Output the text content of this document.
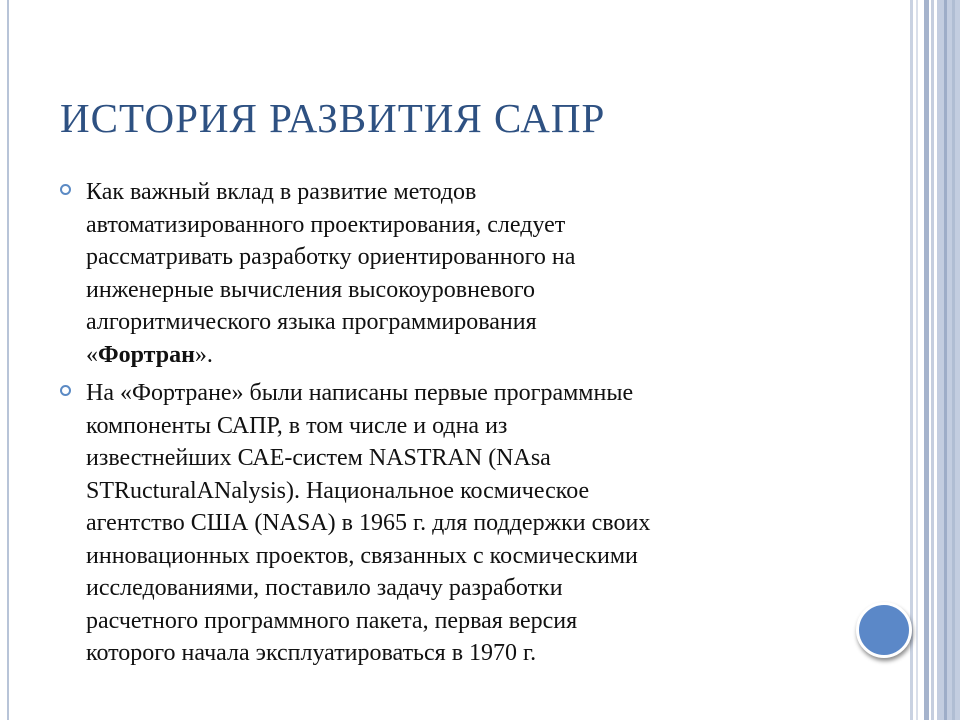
ИСТОРИЯ РАЗВИТИЯ САПР
Как важный вклад в развитие методов
автоматизированного проектирования, следует
рассматривать разработку ориентированного на
инженерные вычисления высокоуровневого
алгоритмического языка программирования
«Фортран».
На «Фортране» были написаны первые программные
компоненты САПР, в том числе и одна из
известнейших САЕ-систем NASTRAN (NAsa
STRucturalANalysis). Национальное космическое
агентство США (NASA) в 1965 г. для поддержки своих
инновационных проектов, связанных с космическими
исследованиями, поставило задачу разработки
расчетного программного пакета, первая версия
которого начала эксплуатироваться в 1970 г.
